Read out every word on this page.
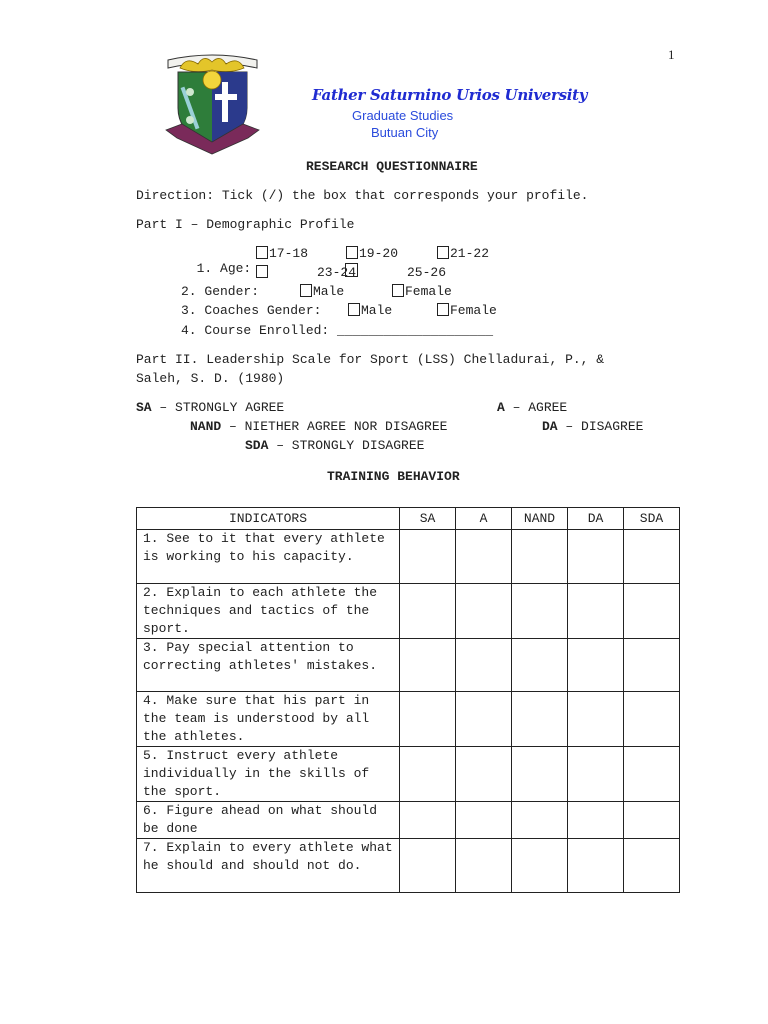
1
Father Saturnino Urios University
Graduate Studies
Butuan City
RESEARCH QUESTIONNAIRE
Direction: Tick (/) the box that corresponds your profile.
Part I – Demographic Profile

1. Age:

17-18	19-20	21-22
23-24	25-26
2. Gender:	Male	Female
3. Coaches Gender:	Male	Female
4. Course Enrolled: ____________________
Part II. Leadership Scale for Sport (LSS) Chelladurai, P., &
Saleh, S. D. (1980)
SA – STRONGLY AGREE	A – AGREE
NAND – NIETHER AGREE NOR DISAGREE	DA – DISAGREE
SDA – STRONGLY DISAGREE
TRAINING BEHAVIOR
INDICATORS	SA	A	NAND	DA	SDA
1. See to it that every athlete is working to his capacity.					
2. Explain to each athlete the techniques and tactics of the sport.					
3. Pay special attention to correcting athletes' mistakes.					
4. Make sure that his part in the team is understood by all the athletes.					
5. Instruct every athlete individually in the skills of the sport.					
6. Figure ahead on what should be done					
7. Explain to every athlete what he should and should not do.					
